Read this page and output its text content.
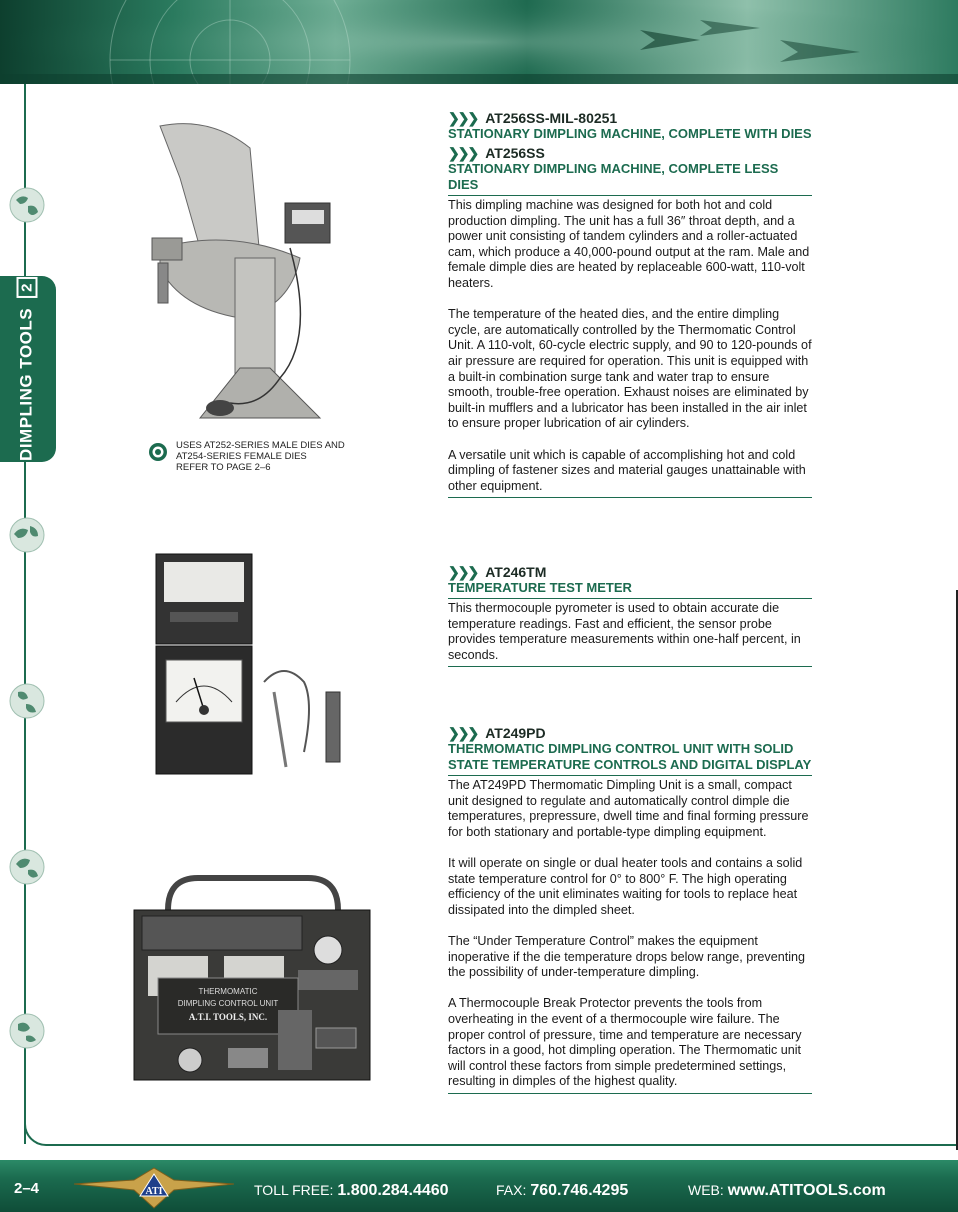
DIMPLING TOOLS2
USES AT252-SERIES MALE DIES AND
AT254-SERIES FEMALE DIES
REFER TO PAGE 2–6
THERMOMATIC
DIMPLING CONTROL UNIT
A.T.I. TOOLS, INC.
❯❯❯ AT256SS-MIL-80251
STATIONARY DIMPLING MACHINE, COMPLETE WITH DIES
❯❯❯ AT256SS
STATIONARY DIMPLING MACHINE, COMPLETE LESS DIES
This dimpling machine was designed for both hot and cold production dimpling. The unit has a full 36″ throat depth, and a power unit consisting of tandem cylinders and a roller-actuated cam, which produce a 40,000-pound output at the ram. Male and female dimple dies are heated by replaceable 600-watt, 110-volt heaters.
The temperature of the heated dies, and the entire dimpling cycle, are automatically controlled by the Thermomatic Control Unit. A 110-volt, 60-cycle electric supply, and 90 to 120-pounds of air pressure are required for operation. This unit is equipped with a built-in combination surge tank and water trap to ensure smooth, trouble-free operation. Exhaust noises are eliminated by built-in mufflers and a lubricator has been installed in the air inlet to ensure proper lubrication of air cylinders.
A versatile unit which is capable of accomplishing hot and cold dimpling of fastener sizes and material gauges unattainable with other equipment.
❯❯❯ AT246TM
TEMPERATURE TEST METER
This thermocouple pyrometer is used to obtain accurate die temperature readings. Fast and efficient, the sensor probe provides temperature measurements within one-half percent, in seconds.
❯❯❯ AT249PD
THERMOMATIC DIMPLING CONTROL UNIT WITH SOLID STATE TEMPERATURE CONTROLS AND DIGITAL DISPLAY
The AT249PD Thermomatic Dimpling Unit is a small, compact unit designed to regulate and automatically control dimple die temperatures, prepressure, dwell time and final forming pressure for both stationary and portable-type dimpling equipment.
It will operate on single or dual heater tools and contains a solid state temperature control for 0° to 800° F. The high operating efficiency of the unit eliminates waiting for tools to replace heat dissipated into the dimpled sheet.
The “Under Temperature Control” makes the equipment inoperative if the die temperature drops below range, preventing the possibility of under-temperature dimpling.
A Thermocouple Break Protector prevents the tools from overheating in the event of a thermocouple wire failure. The proper control of pressure, time and temperature are necessary factors in a good, hot dimpling operation. The Thermomatic unit will control these factors from simple predetermined settings, resulting in dimples of the highest quality.
2–4	ATI	TOLL FREE: 1.800.284.4460	FAX: 760.746.4295	WEB: www.ATITOOLS.com
